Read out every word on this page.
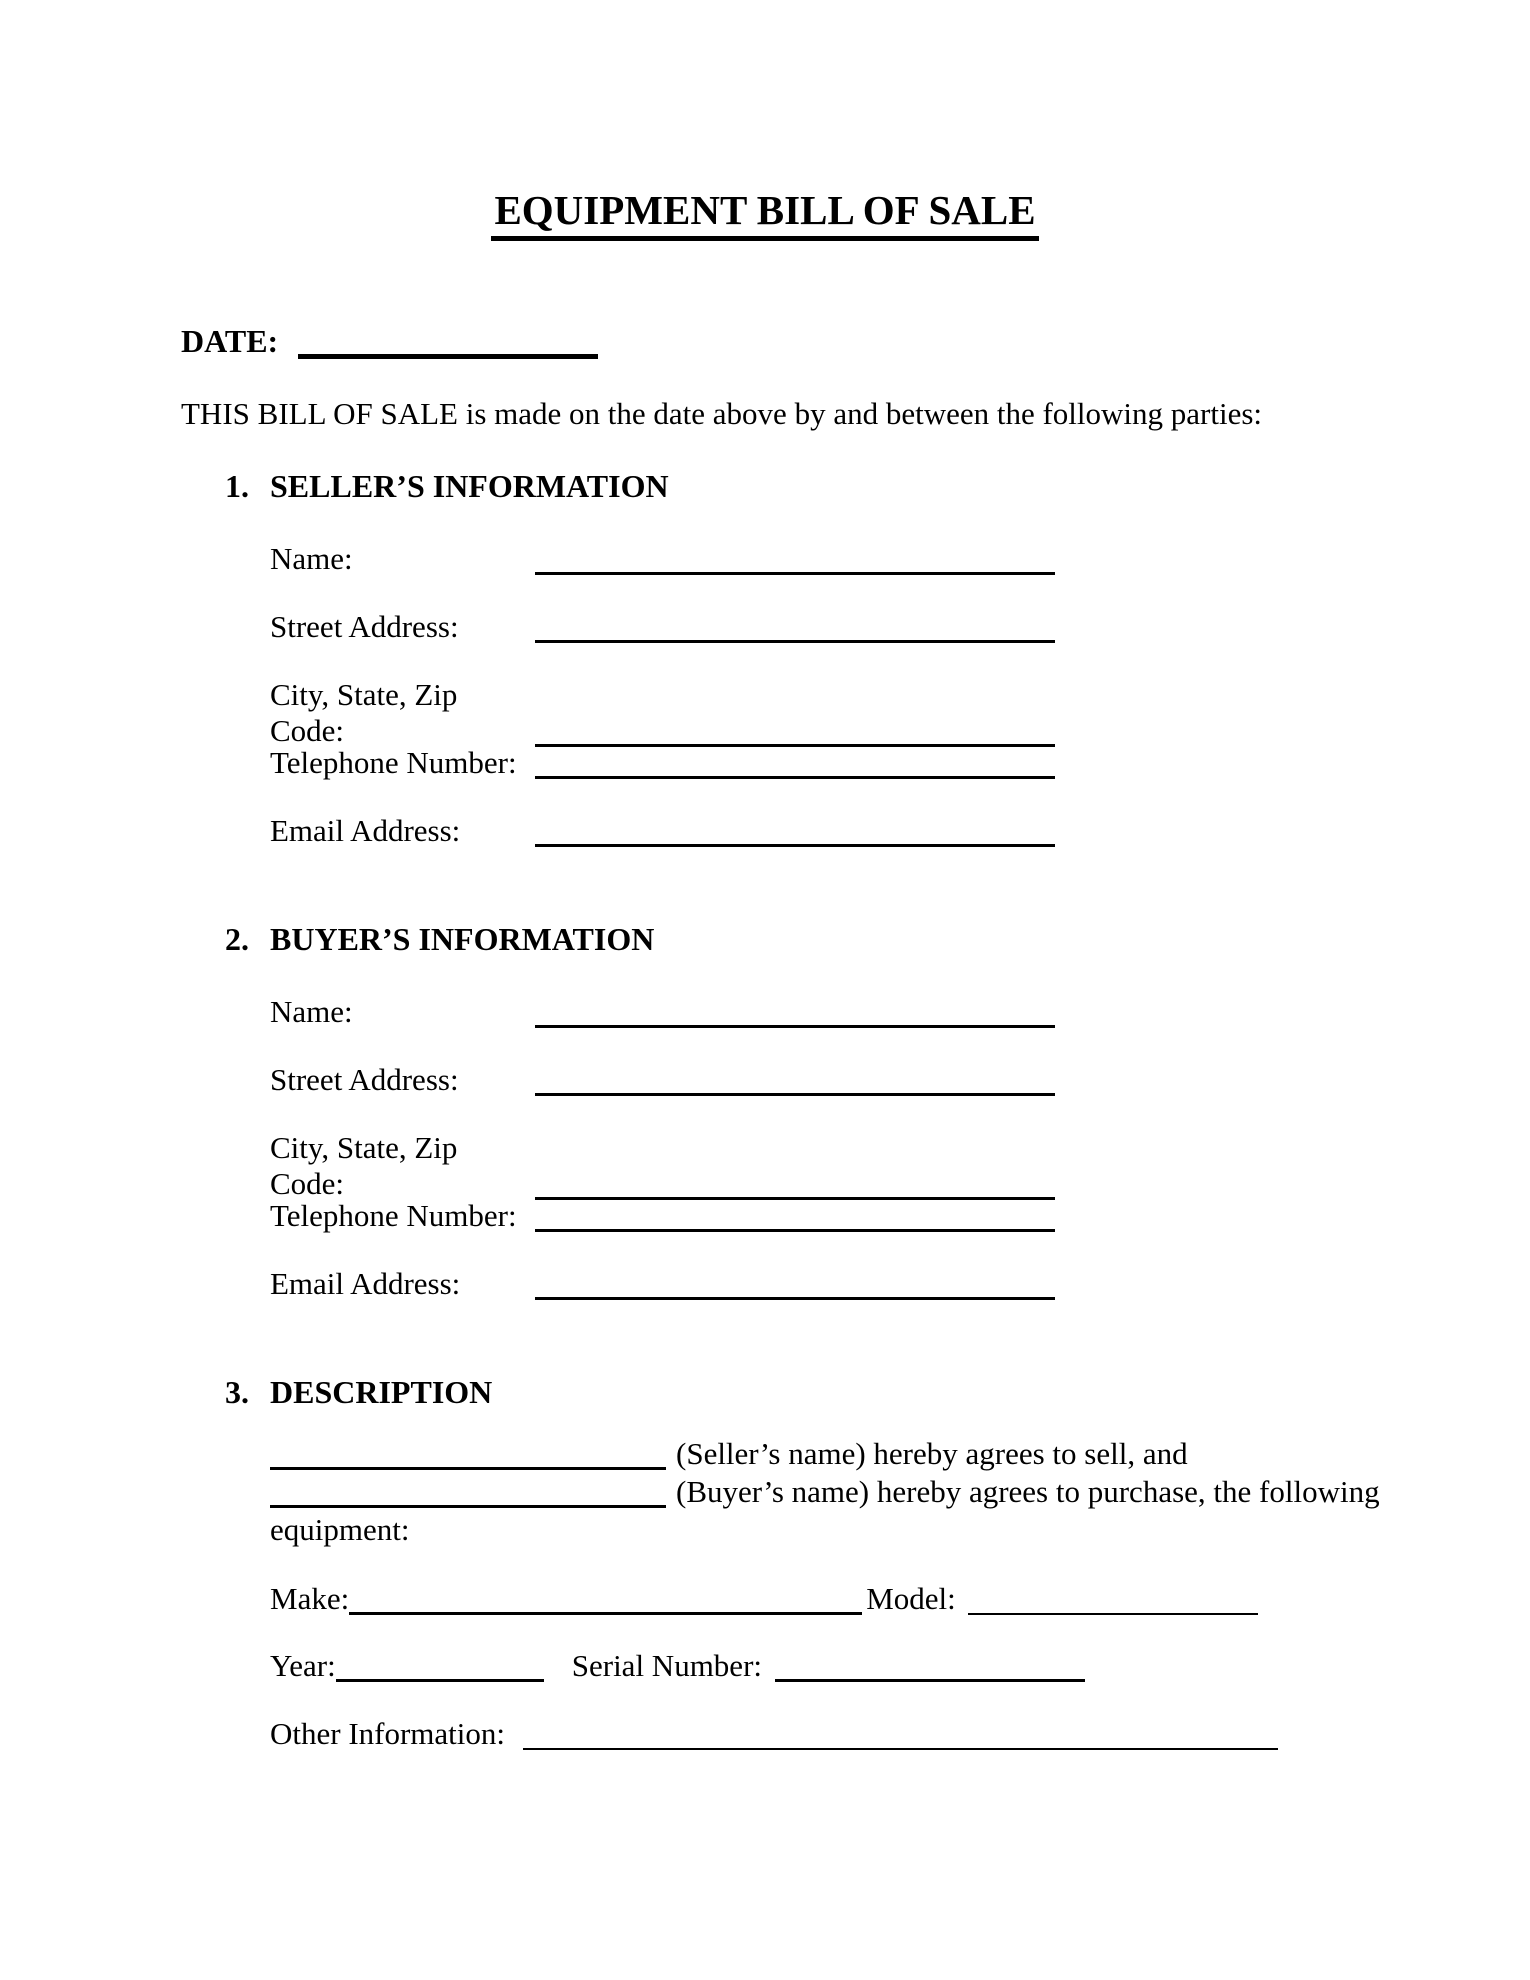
EQUIPMENT BILL OF SALE
DATE:

THIS BILL OF SALE is made on the date above by and between the following parties:

1. SELLER’S INFORMATION
Name:
Street Address:
City, State, Zip Code:
Telephone Number:
Email Address:
2. BUYER’S INFORMATION
Name:
Street Address:
City, State, Zip Code:
Telephone Number:
Email Address:
3. DESCRIPTION
(Seller’s name) hereby agrees to sell, and
(Buyer’s name) hereby agrees to purchase, the following
equipment:
Make:	Model:
Year:	Serial Number:
Other Information:
